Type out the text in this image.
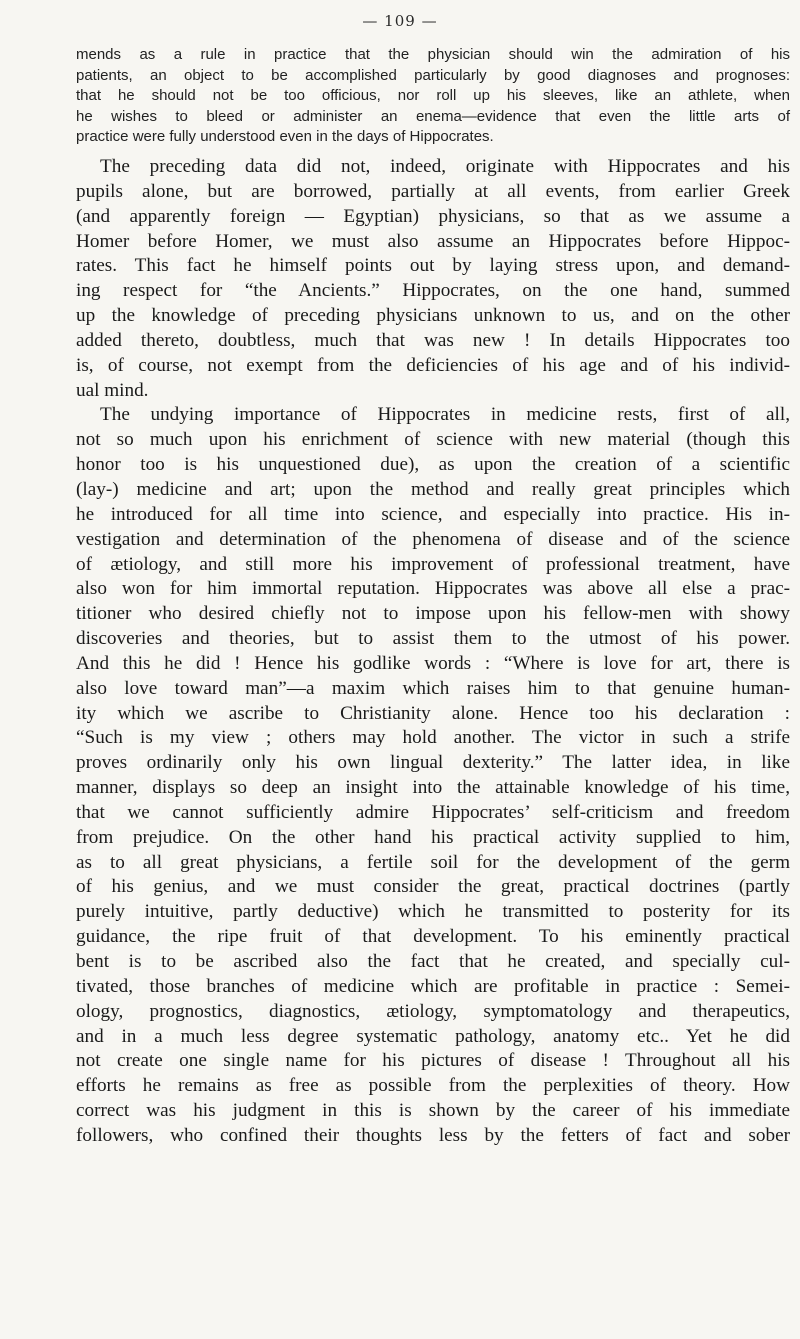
— 109 —
mends as a rule in practice that the physician should win the admiration of his
patients, an object to be accomplished particularly by good diagnoses and prognoses:
that he should not be too officious, nor roll up his sleeves, like an athlete, when
he wishes to bleed or administer an enema—evidence that even the little arts of
practice were fully understood even in the days of Hippocrates.
The preceding data did not, indeed, originate with Hippocrates and his
pupils alone, but are borrowed, partially at all events, from earlier Greek
(and apparently foreign — Egyptian) physicians, so that as we assume a
Homer before Homer, we must also assume an Hippocrates before Hippoc-
rates. This fact he himself points out by laying stress upon, and demand-
ing respect for “the Ancients.” Hippocrates, on the one hand, summed
up the knowledge of preceding physicians unknown to us, and on the other
added thereto, doubtless, much that was new ! In details Hippocrates too
is, of course, not exempt from the deficiencies of his age and of his individ-
ual mind.
The undying importance of Hippocrates in medicine rests, first of all,
not so much upon his enrichment of science with new material (though this
honor too is his unquestioned due), as upon the creation of a scientific
(lay-) medicine and art; upon the method and really great principles which
he introduced for all time into science, and especially into practice. His in-
vestigation and determination of the phenomena of disease and of the science
of ætiology, and still more his improvement of professional treatment, have
also won for him immortal reputation. Hippocrates was above all else a prac-
titioner who desired chiefly not to impose upon his fellow-men with showy
discoveries and theories, but to assist them to the utmost of his power.
And this he did ! Hence his godlike words : “Where is love for art, there is
also love toward man”—a maxim which raises him to that genuine human-
ity which we ascribe to Christianity alone. Hence too his declaration :
“Such is my view ; others may hold another. The victor in such a strife
proves ordinarily only his own lingual dexterity.” The latter idea, in like
manner, displays so deep an insight into the attainable knowledge of his time,
that we cannot sufficiently admire Hippocrates’ self-criticism and freedom
from prejudice. On the other hand his practical activity supplied to him,
as to all great physicians, a fertile soil for the development of the germ
of his genius, and we must consider the great, practical doctrines (partly
purely intuitive, partly deductive) which he transmitted to posterity for its
guidance, the ripe fruit of that development. To his eminently practical
bent is to be ascribed also the fact that he created, and specially cul-
tivated, those branches of medicine which are profitable in practice : Semei-
ology, prognostics, diagnostics, ætiology, symptomatology and therapeutics,
and in a much less degree systematic pathology, anatomy etc.. Yet he did
not create one single name for his pictures of disease ! Throughout all his
efforts he remains as free as possible from the perplexities of theory. How
correct was his judgment in this is shown by the career of his immediate
followers, who confined their thoughts less by the fetters of fact and sober
